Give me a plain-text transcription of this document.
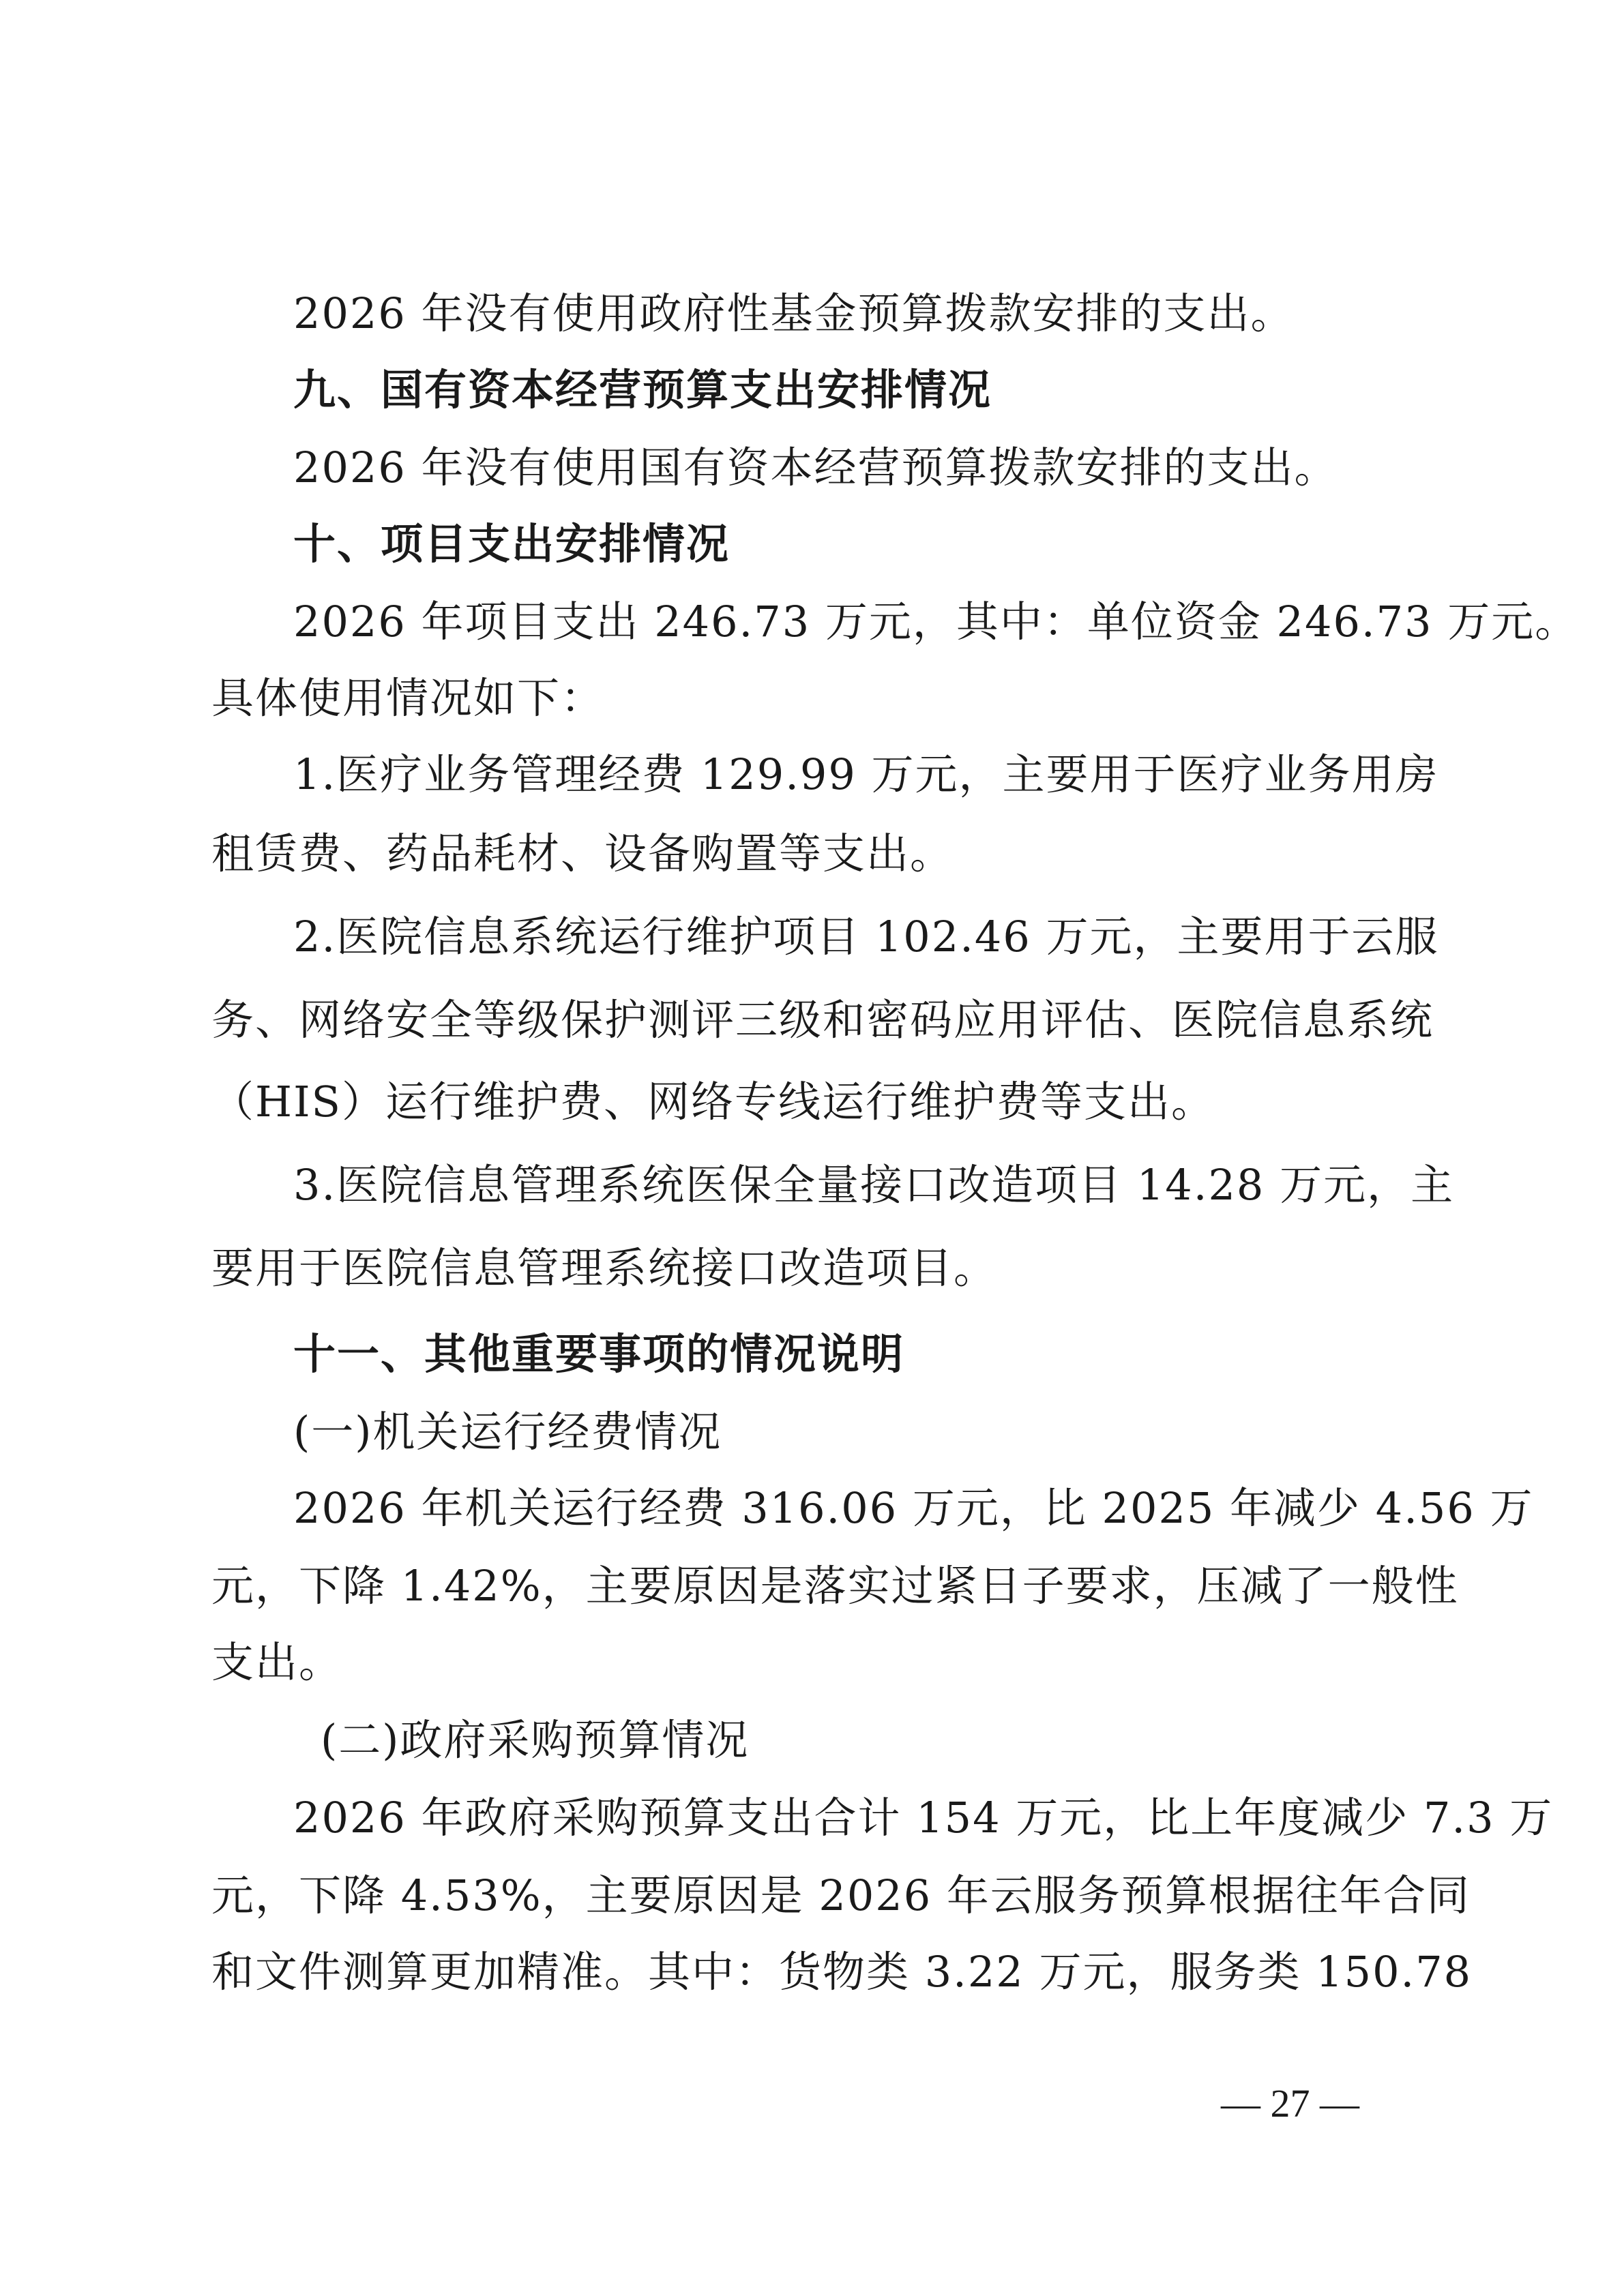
2026 年没有使用政府性基金预算拨款安排的支出。
九、国有资本经营预算支出安排情况
2026 年没有使用国有资本经营预算拨款安排的支出。
十、项目支出安排情况
2026 年项目支出 246.73 万元，其中：单位资金 246.73 万元。
具体使用情况如下：
1.医疗业务管理经费 129.99 万元，主要用于医疗业务用房
租赁费、药品耗材、设备购置等支出。
2.医院信息系统运行维护项目 102.46 万元，主要用于云服
务、网络安全等级保护测评三级和密码应用评估、医院信息系统
（HIS）运行维护费、网络专线运行维护费等支出。
3.医院信息管理系统医保全量接口改造项目 14.28 万元，主
要用于医院信息管理系统接口改造项目。
十一、其他重要事项的情况说明
(一)机关运行经费情况
2026 年机关运行经费 316.06 万元，比 2025 年减少 4.56 万
元，下降 1.42%，主要原因是落实过紧日子要求，压减了一般性
支出。
(二)政府采购预算情况
2026 年政府采购预算支出合计 154 万元，比上年度减少 7.3 万
元，下降 4.53%，主要原因是 2026 年云服务预算根据往年合同
和文件测算更加精准。其中：货物类 3.22 万元，服务类 150.78
— 27 —
